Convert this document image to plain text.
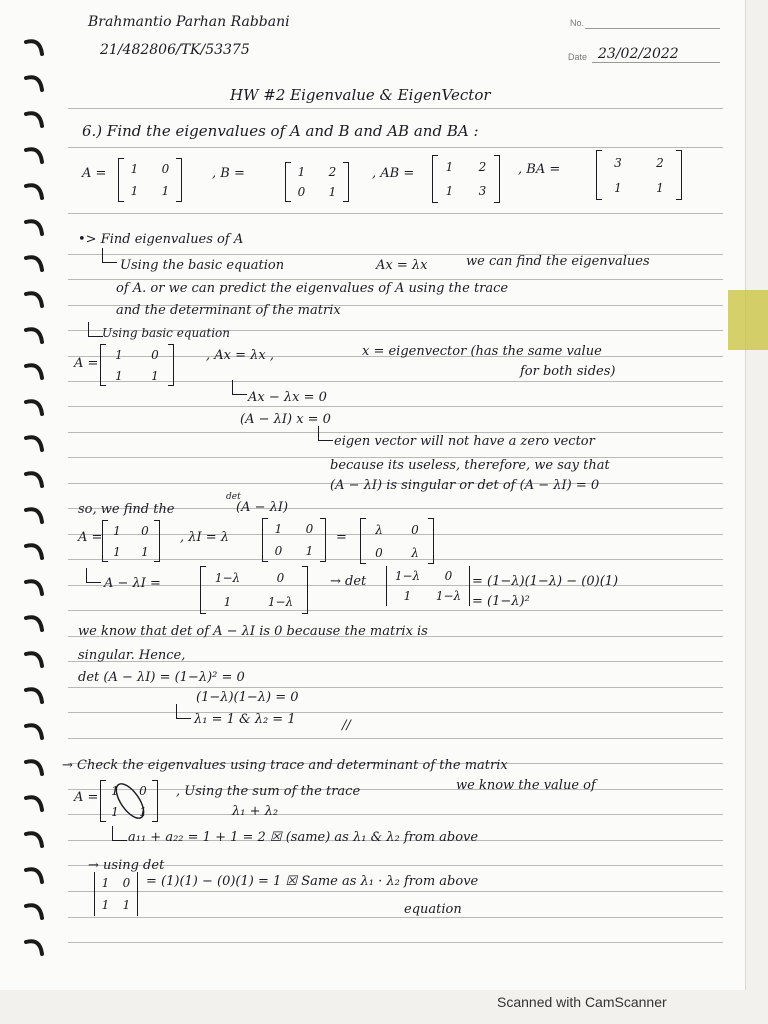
Brahmantio Parhan Rabbani
21/482806/TK/53375
No.
Date 23/02/2022
HW #2 Eigenvalue & EigenVector
6.) Find the eigenvalues of A and B and AB and BA :
A = 1 0
1 1
, B =	1 2
0 1
, AB =	1 2
1 3
, BA =	3	2
1	1
•> Find eigenvalues of A
Using the basic equation	Ax = λx	we can find the eigenvalues
of A. or we can predict the eigenvalues of A using the trace
and the determinant of the matrix
Using basic equation
A =
1 0
1 1
, Ax = λx ,	x = eigenvector (has the same value
for both sides)
Ax − λx = 0
(A − λI) x = 0
eigen vector will not have a zero vector
because its useless, therefore, we say that
(A − λI) is singular or det of (A − λI) = 0
so, we find the
det
(A − λI)
A = 1 0
1 1
, λI = λ
1 0
0 1
=
λ 0
0 λ
A − λI =	1−λ	0
1	1−λ
→ det 1−λ 0
1 1−λ
= (1−λ)(1−λ) − (0)(1)
= (1−λ)²
we know that det of A − λI is 0 because the matrix is
singular. Hence,
det (A − λI) = (1−λ)² = 0
(1−λ)(1−λ) = 0
λ₁ = 1 & λ₂ = 1	//
→ Check the eigenvalues using trace and determinant of the matrix
A = 1 0
1 1
, Using the sum of the trace	we know the value of
λ₁ + λ₂
a₁₁ + a₂₂ = 1 + 1 = 2 ☒ (same) as λ₁ & λ₂ from above
→ using det
1 0
1 1
= (1)(1) − (0)(1) = 1 ☒ Same as λ₁ · λ₂ from above
equation
Scanned with CamScanner
